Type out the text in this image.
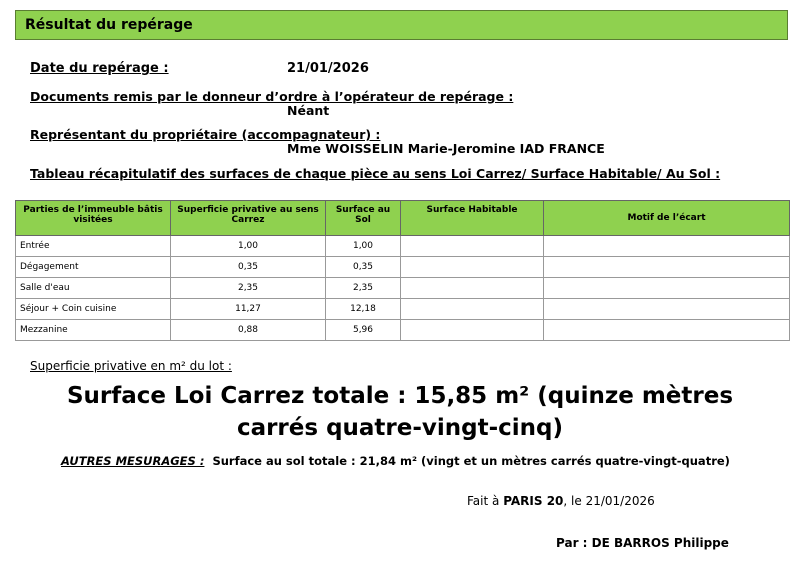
Résultat du repérage
Date du repérage :	21/01/2026
Documents remis par le donneur d’ordre à l’opérateur de repérage :
Néant
Représentant du propriétaire (accompagnateur) :
Mme WOISSELIN Marie-Jeromine IAD FRANCE
Tableau récapitulatif des surfaces de chaque pièce au sens Loi Carrez/ Surface Habitable/ Au Sol :
Parties de l’immeuble bâtis visitées	Superficie privative au sens Carrez	Surface au Sol	Surface Habitable	Motif de l’écart
Entrée	1,00	1,00		
Dégagement	0,35	0,35		
Salle d'eau	2,35	2,35		
Séjour + Coin cuisine	11,27	12,18		
Mezzanine	0,88	5,96		
Superficie privative en m² du lot :
Surface Loi Carrez totale : 15,85 m² (quinze mètres
carrés quatre-vingt-cinq)
AUTRES MESURAGES : Surface au sol totale : 21,84 m² (vingt et un mètres carrés quatre-vingt-quatre)
Fait à PARIS 20, le 21/01/2026
Par : DE BARROS Philippe
